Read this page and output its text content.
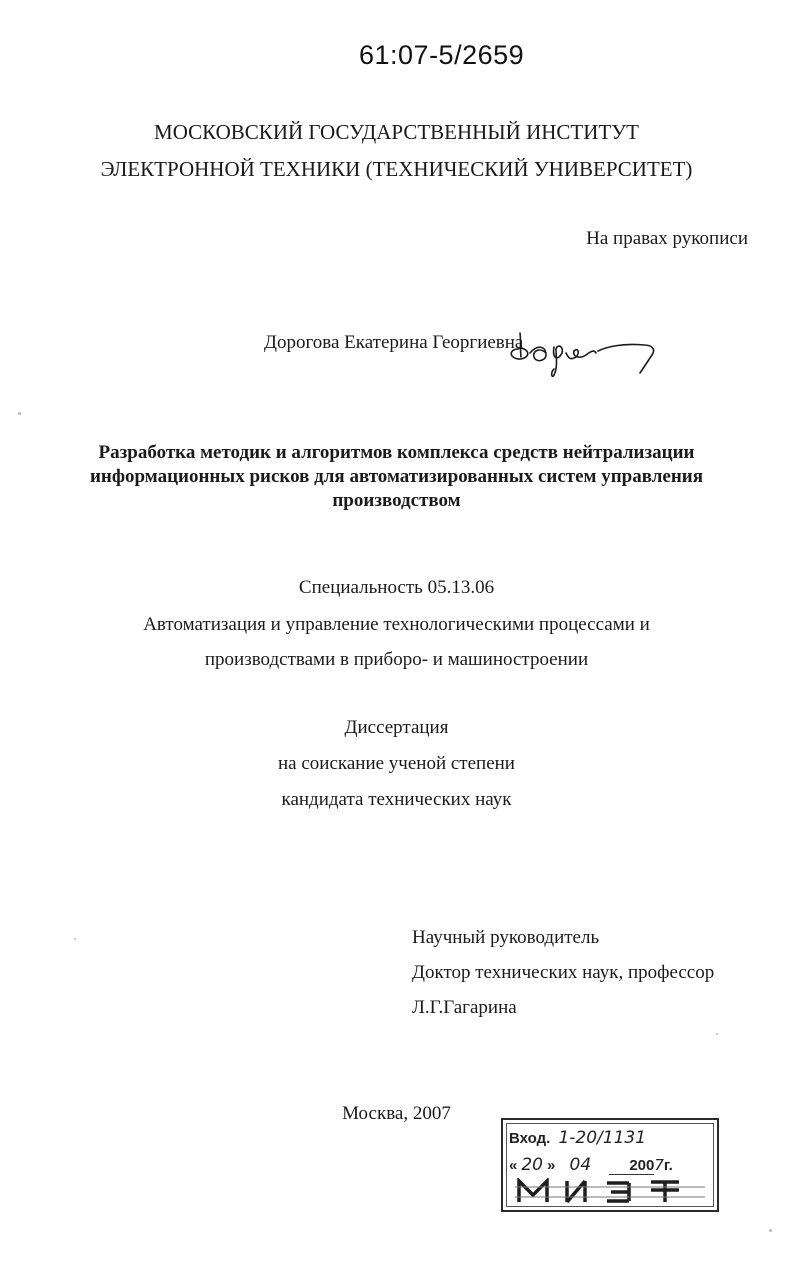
61:07-5/2659
МОСКОВСКИЙ ГОСУДАРСТВЕННЫЙ ИНСТИТУТ
ЭЛЕКТРОННОЙ ТЕХНИКИ (ТЕХНИЧЕСКИЙ УНИВЕРСИТЕТ)
На правах рукописи
Дорогова Екатерина Георгиевна
Разработка методик и алгоритмов комплекса средств нейтрализации
информационных рисков для автоматизированных систем управления
производством
Специальность 05.13.06
Автоматизация и управление технологическими процессами и
производствами в приборо- и машиностроении
Диссертация
на соискание ученой степени
кандидата технических наук
Научный руководитель
Доктор технических наук, профессор
Л.Г.Гагарина
Москва, 2007
Вход. 1-20/1131
« 20 » 04	2007г.
